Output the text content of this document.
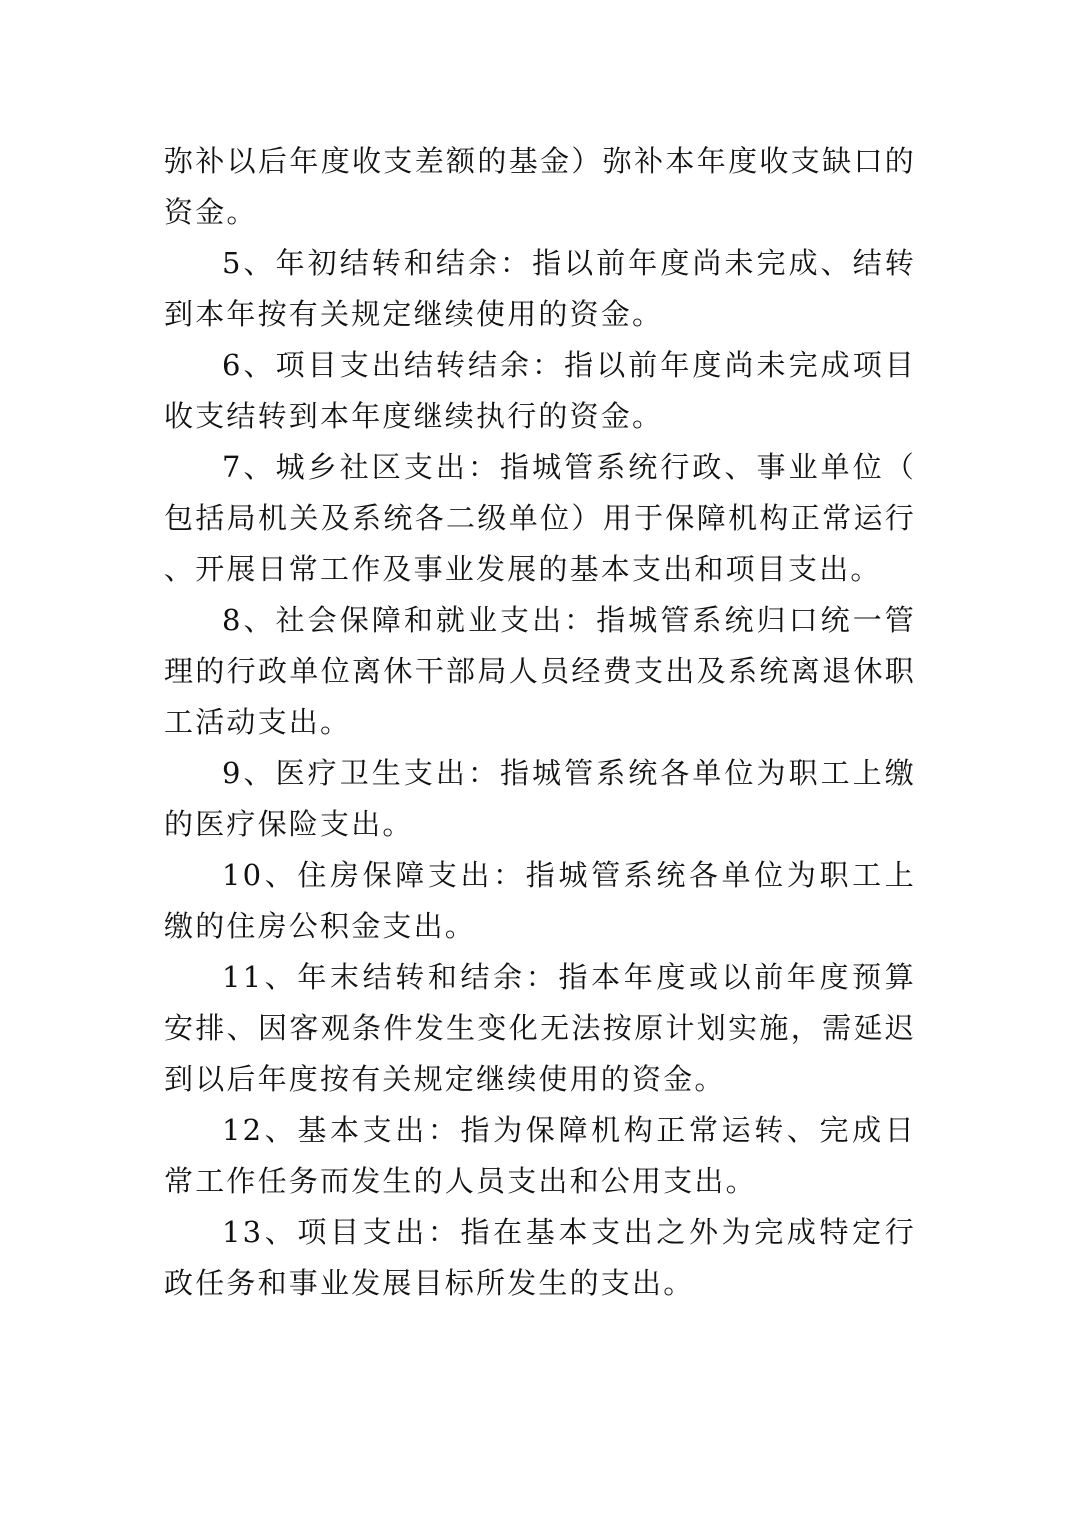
弥补以后年度收支差额的基金）弥补本年度收支缺口的资金。

5、年初结转和结余：指以前年度尚未完成、结转到本年按有关规定继续使用的资金。

6、项目支出结转结余：指以前年度尚未完成项目收支结转到本年度继续执行的资金。

7、城乡社区支出：指城管系统行政、事业单位（包括局机关及系统各二级单位）用于保障机构正常运行、开展日常工作及事业发展的基本支出和项目支出。

8、社会保障和就业支出：指城管系统归口统一管理的行政单位离休干部局人员经费支出及系统离退休职工活动支出。

9、医疗卫生支出：指城管系统各单位为职工上缴的医疗保险支出。

10、住房保障支出：指城管系统各单位为职工上缴的住房公积金支出。

11、年末结转和结余：指本年度或以前年度预算安排、因客观条件发生变化无法按原计划实施，需延迟到以后年度按有关规定继续使用的资金。

12、基本支出：指为保障机构正常运转、完成日常工作任务而发生的人员支出和公用支出。

13、项目支出：指在基本支出之外为完成特定行政任务和事业发展目标所发生的支出。
